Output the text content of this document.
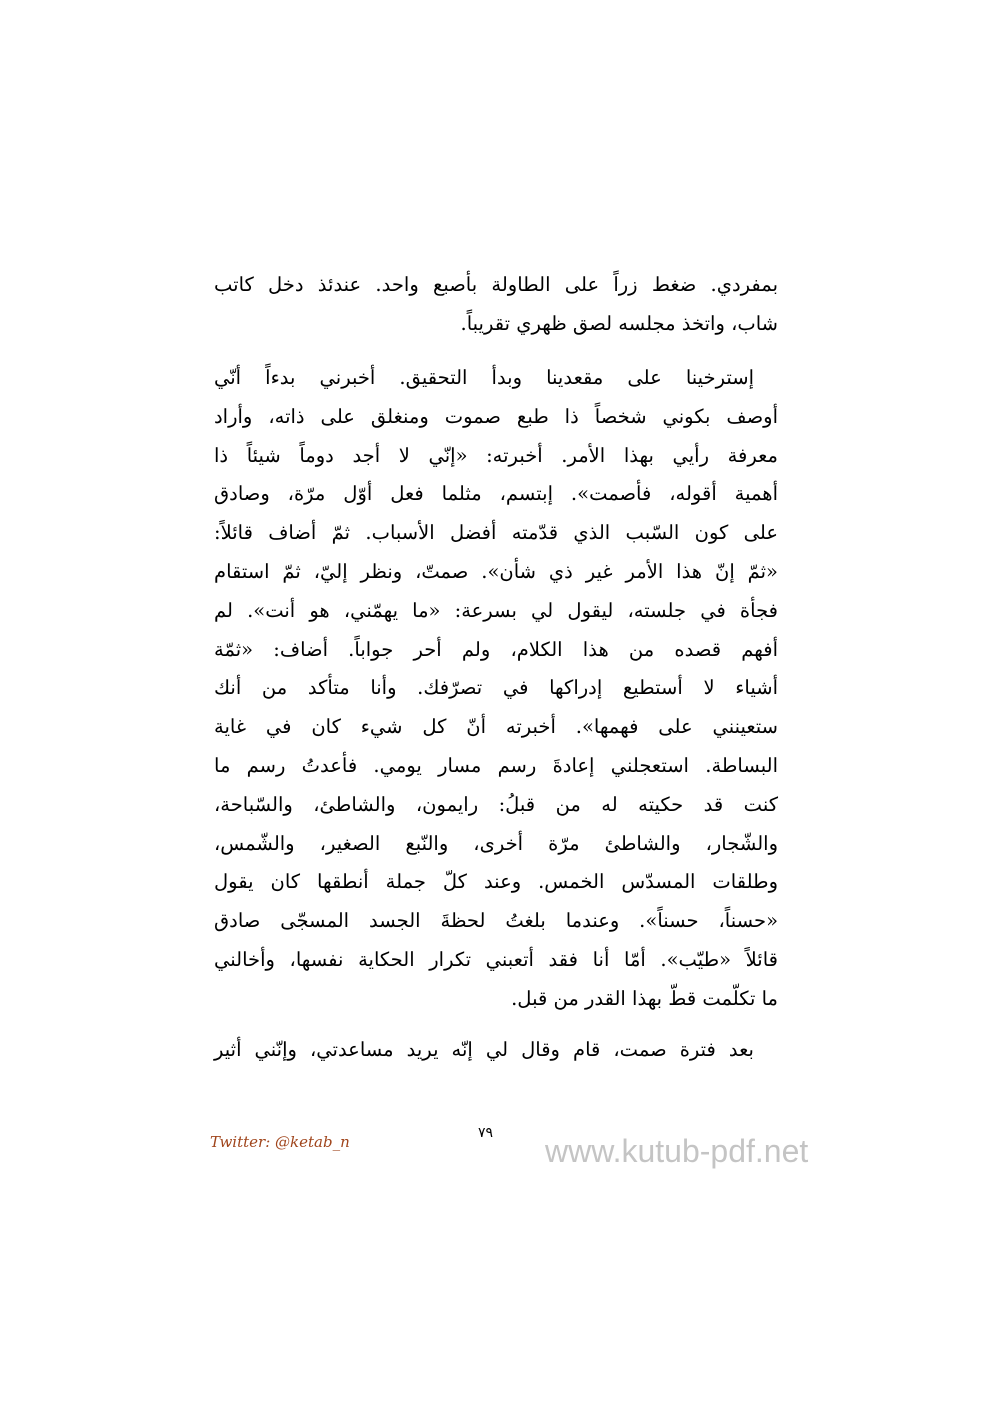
بمفردي. ضغط زراً على الطاولة بأصبع واحد. عندئذ دخل كاتب
شاب، واتخذ مجلسه لصق ظهري تقريباً.
إسترخينا على مقعدينا وبدأ التحقيق. أخبرني بدءاً أنّي
أوصف بكوني شخصاً ذا طبع صموت ومنغلق على ذاته، وأراد
معرفة رأيي بهذا الأمر. أخبرته: «إنّي لا أجد دوماً شيئاً ذا
أهمية أقوله، فأصمت». إبتسم، مثلما فعل أوّل مرّة، وصادق
على كون السّبب الذي قدّمته أفضل الأسباب. ثمّ أضاف قائلاً:
«ثمّ إنّ هذا الأمر غير ذي شأن». صمتّ، ونظر إليّ، ثمّ استقام
فجأة في جلسته، ليقول لي بسرعة: «ما يهمّني، هو أنت». لم
أفهم قصده من هذا الكلام، ولم أحر جواباً. أضاف: «ثمّة
أشياء لا أستطيع إدراكها في تصرّفك. وأنا متأكد من أنك
ستعينني على فهمها». أخبرته أنّ كل شيء كان في غاية
البساطة. استعجلني إعادةَ رسم مسار يومي. فأعدتُ رسم ما
كنت قد حكيته له من قبلُ: رايمون، والشاطئ، والسّباحة،
والشّجار، والشاطئ مرّة أخرى، والنّبع الصغير، والشّمس،
وطلقات المسدّس الخمس. وعند كلّ جملة أنطقها كان يقول
«حسناً، حسناً». وعندما بلغتُ لحظةَ الجسد المسجّى صادق
قائلاً «طيّب». أمّا أنا فقد أتعبني تكرار الحكاية نفسها، وأخالني
ما تكلّمت قطّ بهذا القدر من قبل.
بعد فترة صمت، قام وقال لي إنّه يريد مساعدتي، وإنّني أثير
Twitter: @ketab_n	٧٩ www.kutub-pdf.net
